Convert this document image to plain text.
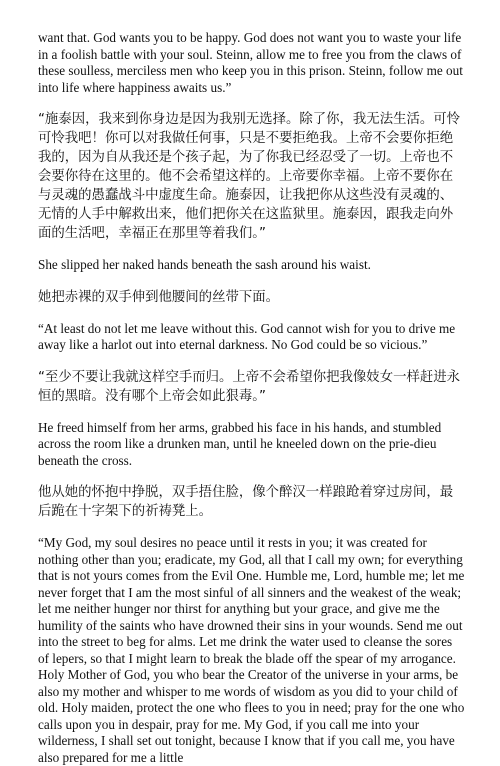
want that. God wants you to be happy. God does not want you to waste your life in a foolish battle with your soul. Steinn, allow me to free you from the claws of these soulless, merciless men who keep you in this prison. Steinn, follow me out into life where happiness awaits us.”

“施泰因，我来到你身边是因为我别无选择。除了你，我无法生活。可怜可怜我吧！你可以对我做任何事，只是不要拒绝我。上帝不会要你拒绝我的，因为自从我还是个孩子起，为了你我已经忍受了一切。上帝也不会要你待在这里的。他不会希望这样的。上帝要你幸福。上帝不要你在与灵魂的愚蠢战斗中虚度生命。施泰因，让我把你从这些没有灵魂的、无情的人手中解救出来，他们把你关在这监狱里。施泰因，跟我走向外面的生活吧，幸福正在那里等着我们。”

She slipped her naked hands beneath the sash around his waist.

她把赤裸的双手伸到他腰间的丝带下面。

“At least do not let me leave without this. God cannot wish for you to drive me away like a harlot out into eternal darkness. No God could be so vicious.”

“至少不要让我就这样空手而归。上帝不会希望你把我像妓女一样赶进永恒的黑暗。没有哪个上帝会如此狠毒。”

He freed himself from her arms, grabbed his face in his hands, and stumbled across the room like a drunken man, until he kneeled down on the prie-dieu beneath the cross.

他从她的怀抱中挣脱，双手捂住脸，像个醉汉一样踉跄着穿过房间，最后跪在十字架下的祈祷凳上。

“My God, my soul desires no peace until it rests in you; it was created for nothing other than you; eradicate, my God, all that I call my own; for everything that is not yours comes from the Evil One. Humble me, Lord, humble me; let me never forget that I am the most sinful of all sinners and the weakest of the weak; let me neither hunger nor thirst for anything but your grace, and give me the humility of the saints who have drowned their sins in your wounds. Send me out into the street to beg for alms. Let me drink the water used to cleanse the sores of lepers, so that I might learn to break the blade off the spear of my arrogance. Holy Mother of God, you who bear the Creator of the universe in your arms, be also my mother and whisper to me words of wisdom as you did to your child of old. Holy maiden, protect the one who flees to you in need; pray for the one who calls upon you in despair, pray for me. My God, if you call me into your wilderness, I shall set out tonight, because I know that if you call me, you have also prepared for me a little
